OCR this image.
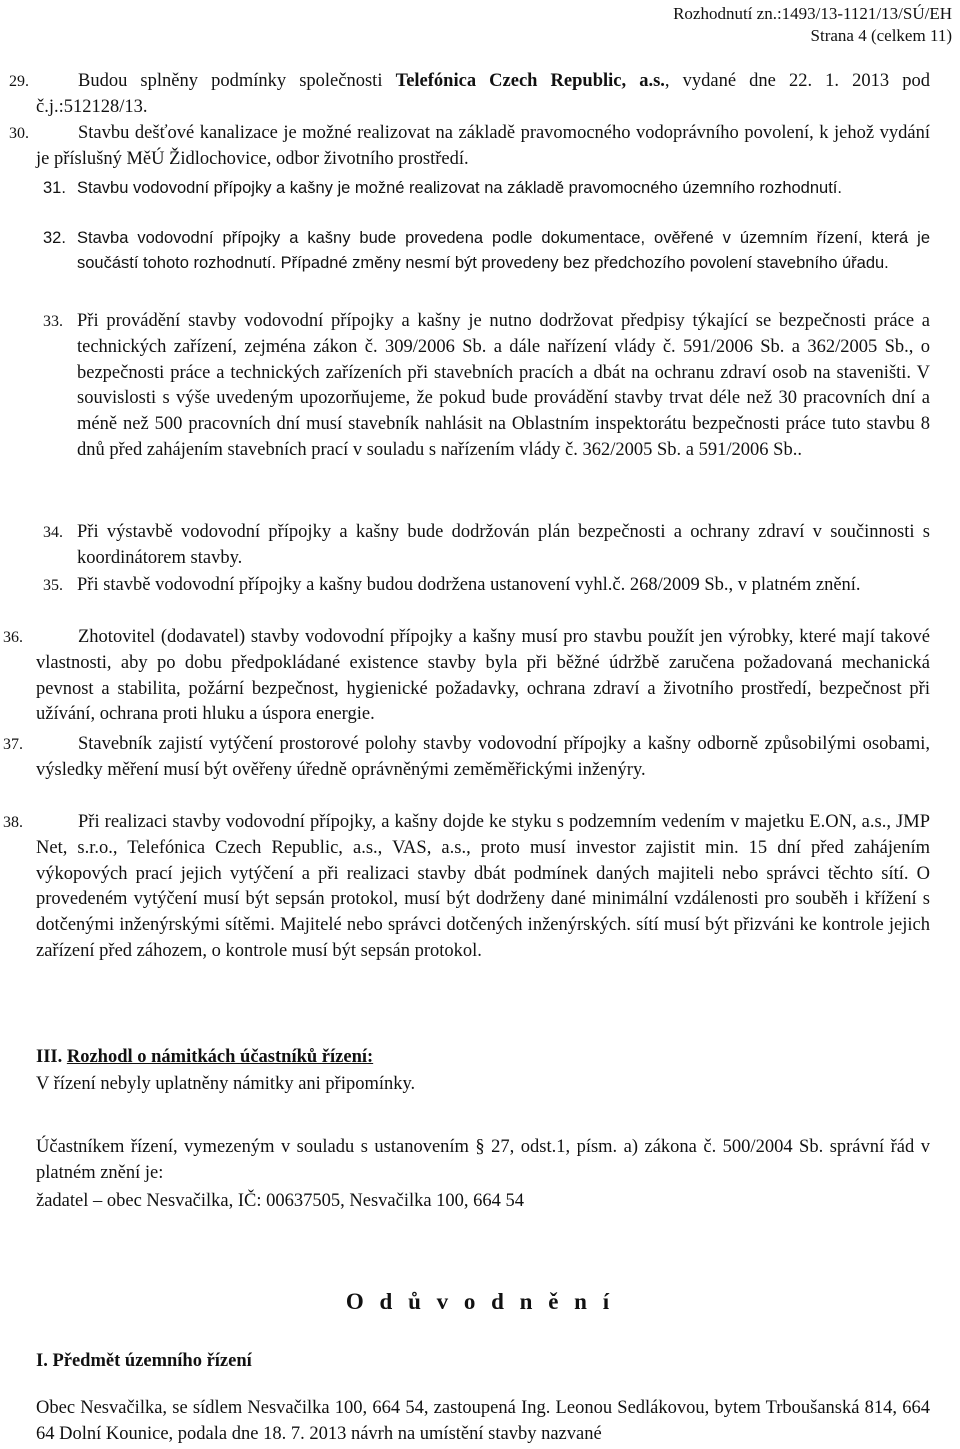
Rozhodnutí zn.:1493/13-1121/13/SÚ/EH
Strana 4 (celkem 11)
29.	Budou splněny podmínky společnosti Telefónica Czech Republic, a.s., vydané dne 22. 1. 2013 pod č.j.:512128/13.
30.	Stavbu dešťové kanalizace je možné realizovat na základě pravomocného vodoprávního povolení, k jehož vydání je příslušný MěÚ Židlochovice, odbor životního prostředí.
31. Stavbu vodovodní přípojky a kašny je možné realizovat na základě pravomocného územního rozhodnutí.
32. Stavba vodovodní přípojky a kašny bude provedena podle dokumentace, ověřené v územním řízení, která je součástí tohoto rozhodnutí. Případné změny nesmí být provedeny bez předchozího povolení stavebního úřadu.
33. Při provádění stavby vodovodní přípojky a kašny je nutno dodržovat předpisy týkající se bezpečnosti práce a technických zařízení, zejména zákon č. 309/2006 Sb. a dále nařízení vlády č. 591/2006 Sb. a 362/2005 Sb., o bezpečnosti práce a technických zařízeních při stavebních pracích a dbát na ochranu zdraví osob na staveništi. V souvislosti s výše uvedeným upozorňujeme, že pokud bude provádění stavby trvat déle než 30 pracovních dní a méně než 500 pracovních dní musí stavebník nahlásit na Oblastním inspektorátu bezpečnosti práce tuto stavbu 8 dnů před zahájením stavebních prací v souladu s nařízením vlády č. 362/2005 Sb. a 591/2006 Sb..
34. Při výstavbě vodovodní přípojky a kašny bude dodržován plán bezpečnosti a ochrany zdraví v součinnosti s koordinátorem stavby.
35. Při stavbě vodovodní přípojky a kašny budou dodržena ustanovení vyhl.č. 268/2009 Sb., v platném znění.
36.	Zhotovitel (dodavatel) stavby vodovodní přípojky a kašny musí pro stavbu použít jen výrobky, které mají takové vlastnosti, aby po dobu předpokládané existence stavby byla při běžné údržbě zaručena požadovaná mechanická pevnost a stabilita, požární bezpečnost, hygienické požadavky, ochrana zdraví a životního prostředí, bezpečnost při užívání, ochrana proti hluku a úspora energie.
37.	Stavebník zajistí vytýčení prostorové polohy stavby vodovodní přípojky a kašny odborně způsobilými osobami, výsledky měření musí být ověřeny úředně oprávněnými zeměměřickými inženýry.
38.	Při realizaci stavby vodovodní přípojky, a kašny dojde ke styku s podzemním vedením v majetku E.ON, a.s., JMP Net, s.r.o., Telefónica Czech Republic, a.s., VAS, a.s., proto musí investor zajistit min. 15 dní před zahájením výkopových prací jejich vytýčení a při realizaci stavby dbát podmínek daných majiteli nebo správci těchto sítí. O provedeném vytýčení musí být sepsán protokol, musí být dodrženy dané minimální vzdálenosti pro souběh i křížení s dotčenými inženýrskými sítěmi. Majitelé nebo správci dotčených inženýrských. sítí musí být přizváni ke kontrole jejich zařízení před záhozem, o kontrole musí být sepsán protokol.
III. Rozhodl o námitkách účastníků řízení:
V řízení nebyly uplatněny námitky ani připomínky.
Účastníkem řízení, vymezeným v souladu s ustanovením § 27, odst.1, písm. a) zákona č. 500/2004 Sb. správní řád v platném znění je:
žadatel – obec Nesvačilka, IČ: 00637505, Nesvačilka 100, 664 54
O d ů v o d n ě n í
I. Předmět územního řízení
Obec Nesvačilka, se sídlem Nesvačilka 100, 664 54, zastoupená Ing. Leonou Sedlákovou, bytem Trboušanská 814, 664 64 Dolní Kounice, podala dne 18. 7. 2013 návrh na umístění stavby nazvané
